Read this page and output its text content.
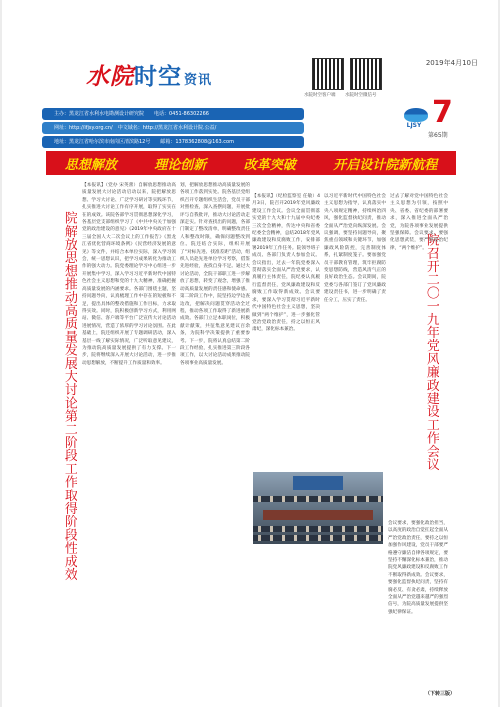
2019年4月10日
水院时空 资讯
水院时空客户端 水院时空微信号 7
第65期
LJSY
主办：黑龙江省水利水电勘测设计研究院　　电话：0451-86302266
网址：http://ifjsy.org.cn/　中文域名：http://黑龙江省水利设计院.公益/
地址：黑龙江省哈尔滨市南岗区清滨路12号　　邮箱：1378362808@163.com
思想解放	理论创新	改革突破	开启设计院新航程
院解放思想推动高质量发展大讨论第二阶段工作取得阶段性成效	院召开二〇一九年党风廉政建设工作会议
【本报讯】（党办 宋英蕾）自解放思想推动高质量发展大讨论活动启动以来，院把解放思想、学习大讨论、广泛学习研讨等实践环节，扎实推进大讨论工作有序开展，取得了实实在在的成效。该院各部学习贯彻思想深化学习，各基层党支部组织学习了《中共中央关于加强党的政治建设的意见》《2019年中央政府在十三届全国人大二次会议上的工作报告》《黑龙江省优化营商环境条例》《民营经济发展的意见》等文件，并结合本单位实际，深入学习领会，统一思想认识，把学习成果转化为推动工作的强大动力。院党委理论学习中心组进一步开展集中学习，深入学习习近平新时代中国特色社会主义思想和党的十九大精神，准确把握高质量发展的内涵要求。各部门围绕主题，坚持问题导向，认真梳理工作中存在的短板和不足，提出具体的整改措施和工作目标，力求取得实效。同时，院积极创新学习方式，利用网站、微信、客户端等平台广泛宣传大讨论活动进展情况，营造了浓厚的学习讨论氛围。在此基础上，院还组织开展了专题调研活动，深入基层一线了解实际情况，广泛听取意见建议，为推动院高质量发展提供了有力支撑。下一步，院将继续深入开展大讨论活动，进一步推动思想解放，不断提升工作质量和效率。
划，把解放思想推动高质量发展的各项工作落到实处。院各基层党组织召开专题组织生活会，党员干部对照检查，深入查摆问题，开展批评与自我批评，推动大讨论活动走深走实。针对查找出的问题，各部门制定了整改清单，明确整改责任人和整改时限，确保问题整改到位。院还结合实际，组织开展了“对标先进、找准差距”活动，组织人员赴先进单位学习考察，借鉴先进经验，查找自身不足。通过大讨论活动，全院干部职工进一步解放了思想，转变了观念，增强了推动高质量发展的责任感和使命感。第二阶段工作中，院坚持边学边查边改，把解决问题贯穿活动全过程，推动各项工作取得了新进展新成效。各部门立足本职岗位，积极献计献策，共征集意见建议百余条，为院科学决策提供了重要参考。下一步，院将认真总结第二阶段工作经验，扎实推进第三阶段各项工作，以大讨论活动成果推动院各项事业高质量发展。
【本报讯】（纪检监察室 任敏）4月3日，院召开2019年党风廉政建设工作会议。会议全面贯彻落实党的十九大和十九届中央纪委三次全会精神，传达中央和省委纪委全会精神，总结2018年党风廉政建设和反腐败工作，安排部署2019年工作任务。院领导班子成员、各部门负责人参加会议。会议指出，过去一年院党委深入贯彻落实全面从严治党要求，认真履行主体责任，院纪委认真履行监督责任，党风廉政建设和反腐败工作取得新成效。会议要求，要深入学习贯彻习近平新时代中国特色社会主义思想，坚决做到“两个维护”，进一步强化管党治党政治责任，持之以恒正风肃纪，深化标本兼治。
以习近平新时代中国特色社会主义思想为指导，认真落实中央八项规定精神，持续纠治四风，强化监督执纪问责，推动全面从严治党向纵深发展。会议强调，要坚持问题导向，聚焦重点领域和关键环节，加强廉政风险防控，完善制度体系，扎紧制度笼子。要加强党员干部教育管理，筑牢拒腐防变思想防线，营造风清气正的良好政治生态。会议期间，院党委与各部门签订了党风廉政建设责任书，进一步明确了责任分工，压实了责任。
过去了解对党中国特色社会主义思想为引领，按照中央、省委、省纪委的部署要求，深入推进全面从严治党，为院各项事业发展提供坚强保障。会议要求，要强化思想武装，要严明政治纪律，“两个维护”。
会议要求，要强化政治担当，以高度的政治自觉扛起全面从严治党政治责任，要持之以恒加强作风建设，党员干部要严格遵守廉洁自律各项规定，要坚持不懈深化标本兼治，推动院党风廉政建设和反腐败工作不断取得新成效。会议要求，要强化监督执纪问责，坚持有腐必反、有贪必肃，持续释放全面从严治党越来越严的强烈信号，为院高质量发展提供坚强纪律保证。
（下转三版）
